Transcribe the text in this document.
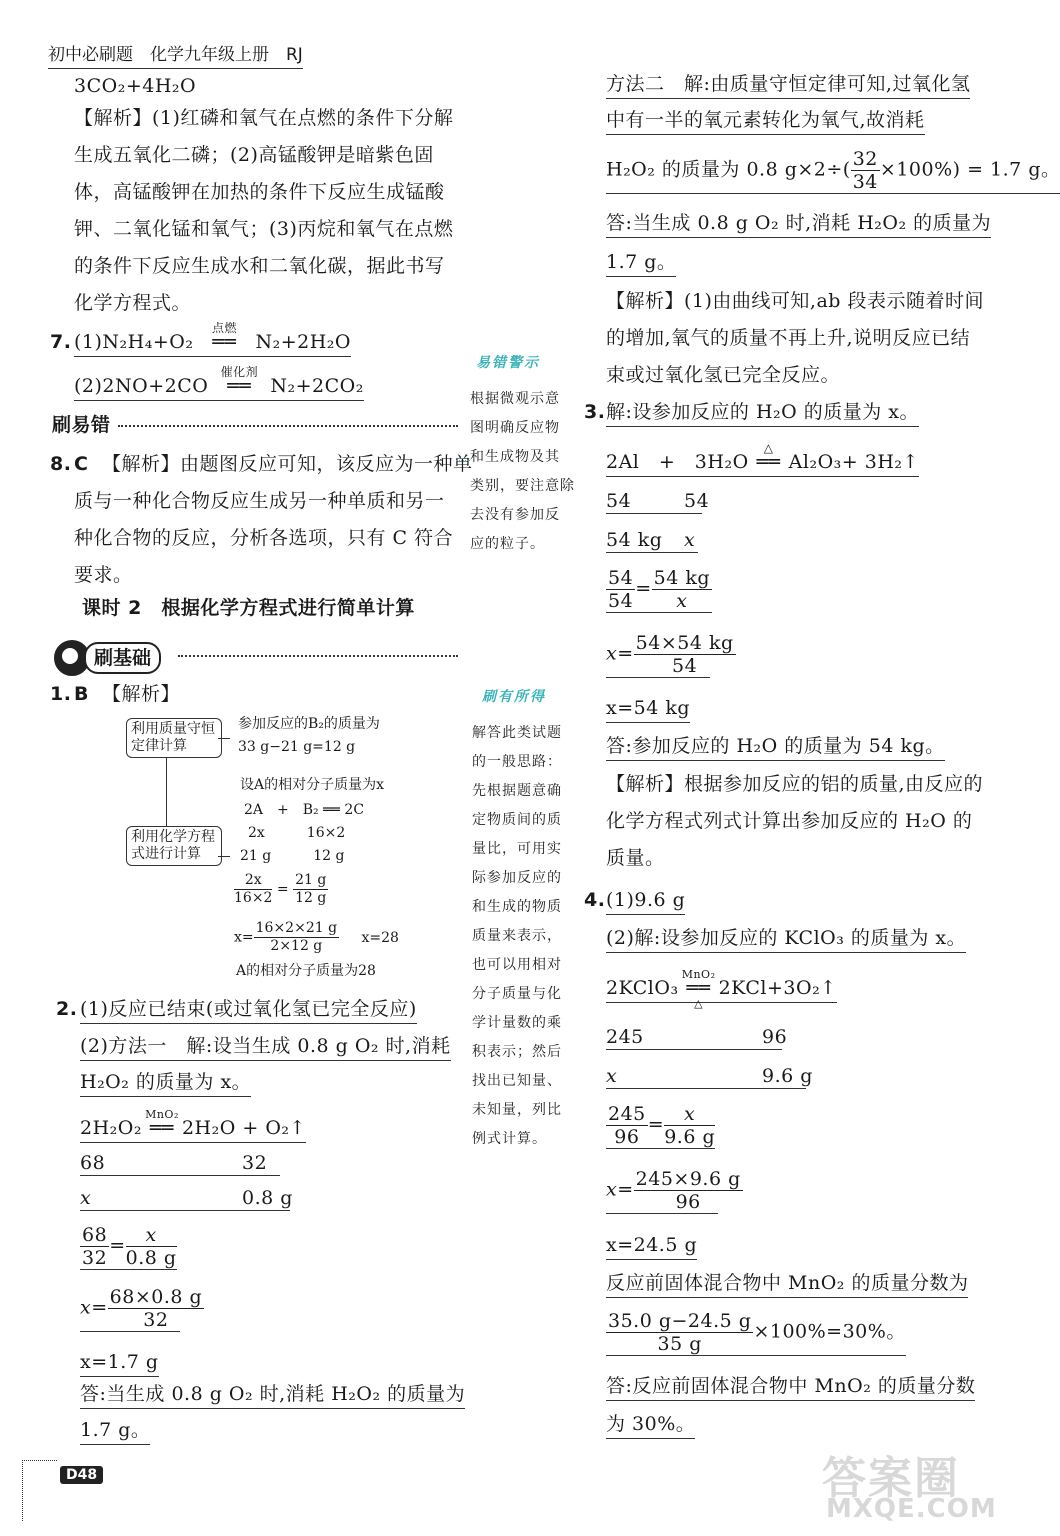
初中必刷题　化学九年级上册　RJ
3CO₂+4H₂O
【解析】(1)红磷和氧气在点燃的条件下分解
生成五氧化二磷；(2)高锰酸钾是暗紫色固
体，高锰酸钾在加热的条件下反应生成锰酸
钾、二氧化锰和氧气；(3)丙烷和氧气在点燃
的条件下反应生成水和二氧化碳，据此书写
化学方程式。
7. (1)N₂H₄+O₂
点燃
══ N₂+2H₂O
(2)2NO+2CO
催化剂
══ N₂+2CO₂
刷易错
8. C 【解析】由题图反应可知，该反应为一种单
质与一种化合物反应生成另一种单质和另一
种化合物的反应，分析各选项，只有 C 符合
要求。
课时 2　根据化学方程式进行简单计算
刷基础
1. B 【解析】
利用质量守恒定律计算
利用化学方程式进行计算
参加反应的B₂的质量为
33 g−21 g=12 g
设A的相对分子质量为x
2A　+　B₂ ══ 2C
2x　　　16×2
21 g　　　12 g
$\frac{2x}{16\times 2} = \frac{21 g}{12 g}$
$x= \frac{16\times 2\times 21 g}{2\times 12 g} x=28$
A的相对分子质量为28
2. (1)反应已结束(或过氧化氢已完全反应)
(2)方法一　解:设当生成 0.8 g O₂ 时,消耗
H₂O₂ 的质量为 x。
2H₂O₂
MnO₂
══ 2H₂O + O₂↑
68	32
x	0.8 g
$\frac{68}{32} = \frac{x}{0.8 g}$
$x= \frac{68\times 0.8 g}{32}$
x=1.7 g
答:当生成 0.8 g O₂ 时,消耗 H₂O₂ 的质量为
1.7 g。
D48
易错警示
根据微观示意
图明确反应物
和生成物及其
类别，要注意除
去没有参加反
应的粒子。
刷有所得
解答此类试题
的一般思路：
先根据题意确
定物质间的质
量比，可用实
际参加反应的
和生成的物质
质量来表示，
也可以用相对
分子质量与化
学计量数的乘
积表示；然后
找出已知量、
未知量，列比
例式计算。
方法二　解:由质量守恒定律可知,过氧化氢
中有一半的氧元素转化为氧气,故消耗
H₂O₂ 的质量为 0.8 $g\times 2\div( \frac{32}{34} \times 100\%) = 1.7$ g。
答:当生成 0.8 g O₂ 时,消耗 H₂O₂ 的质量为
1.7 g。
【解析】(1)由曲线可知,ab 段表示随着时间
的增加,氧气的质量不再上升,说明反应已结
束或过氧化氢已完全反应。
3. 解:设参加反应的 H₂O 的质量为 x。
2Al　+　3H₂O
△
══ Al₂O₃+ 3H₂↑
54	54
54 kg x
$\frac{54}{54} = \frac{54 kg}{x}$
$x= \frac{54\times 54 kg}{54}$
x=54 kg
答:参加反应的 H₂O 的质量为 54 kg。
【解析】根据参加反应的铝的质量,由反应的
化学方程式列式计算出参加反应的 H₂O 的
质量。
4. (1)9.6 g
(2)解:设参加反应的 KClO₃ 的质量为 x。
2KClO₃
MnO₂
══
△
2KCl+3O₂↑
245	96
x	9.6 g
$\frac{245}{96} = \frac{x}{9.6 g}$
$x= \frac{245\times 9.6 g}{96}$
x=24.5 g
反应前固体混合物中 MnO₂ 的质量分数为
$\frac{35.0 g-24.5 g}{35 g} \times 100\%=30\%$。
答:反应前固体混合物中 MnO₂ 的质量分数
为 30%。
答案圈
MXQE.COM
